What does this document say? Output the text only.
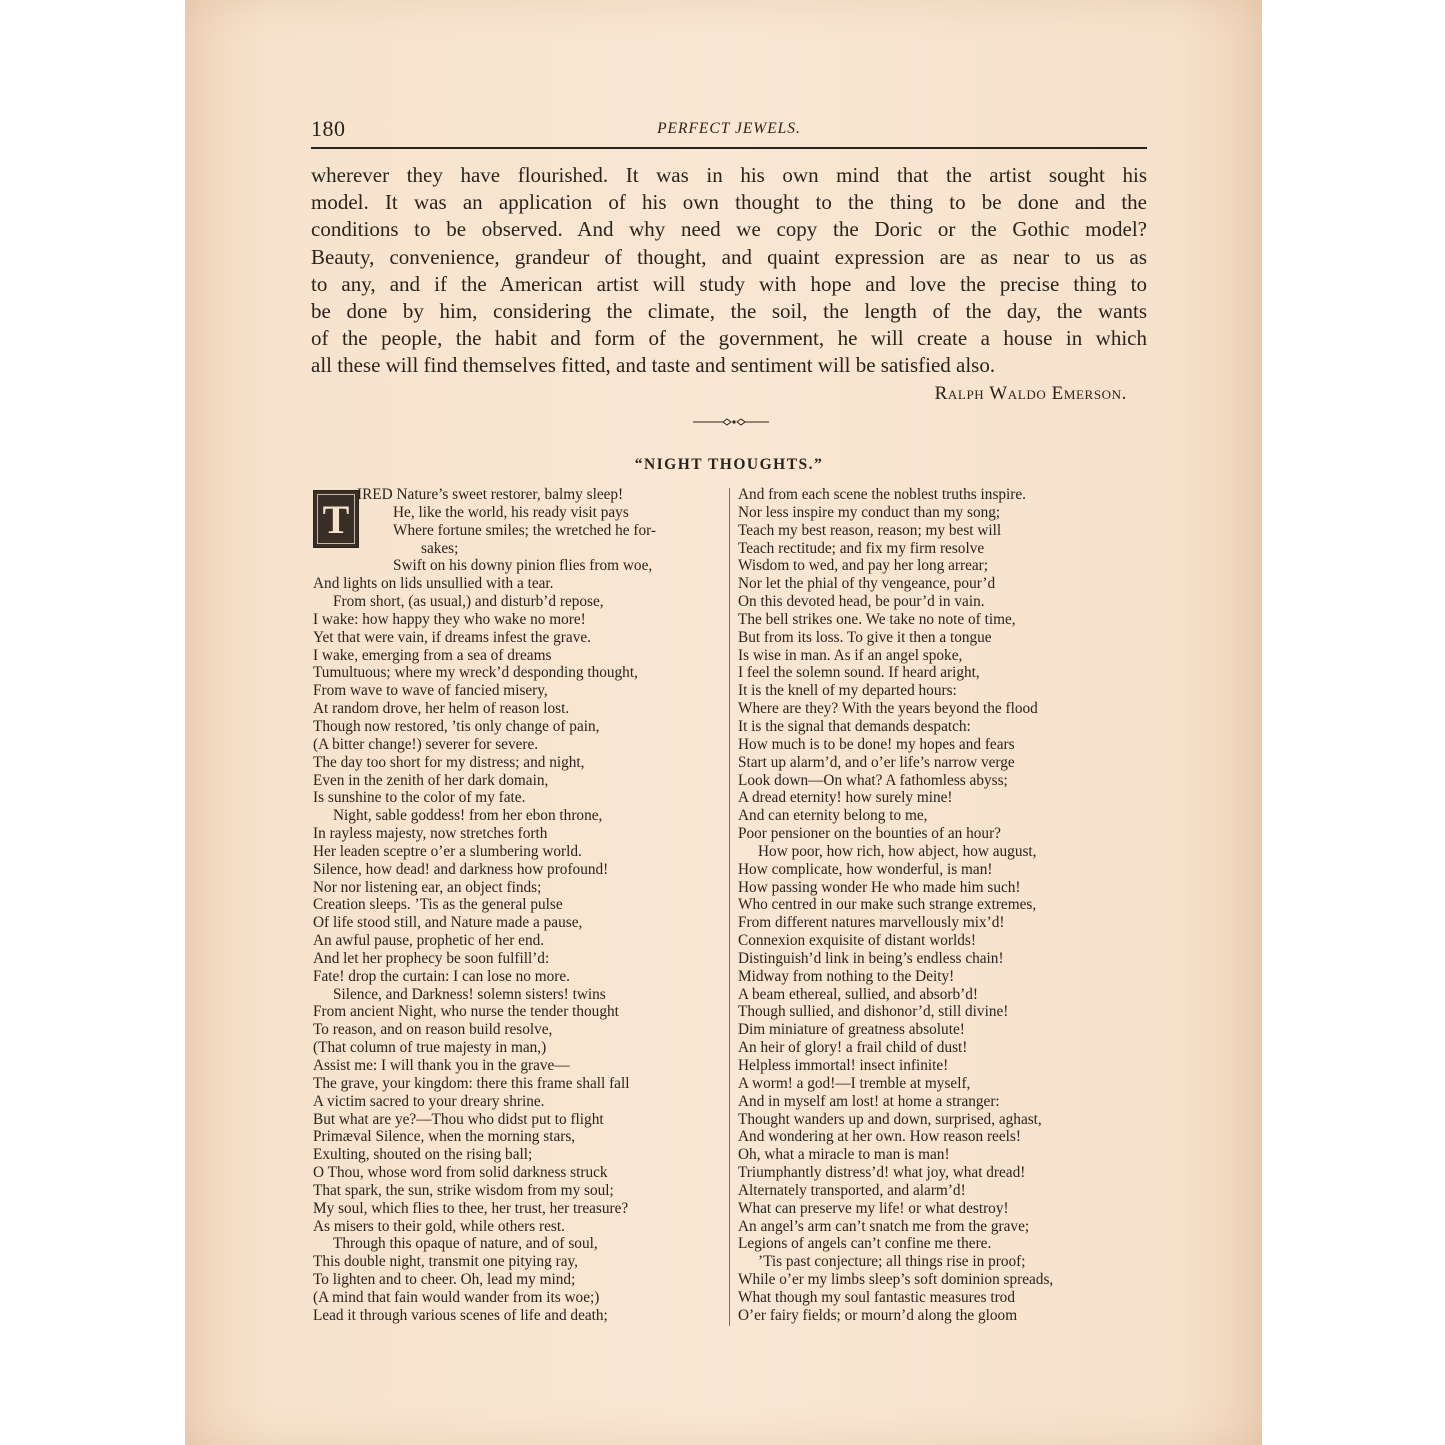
180	PERFECT JEWELS.
wherever they have flourished. It was in his own mind that the artist sought his
model. It was an application of his own thought to the thing to be done and the
conditions to be observed. And why need we copy the Doric or the Gothic model?
Beauty, convenience, grandeur of thought, and quaint expression are as near to us as
to any, and if the American artist will study with hope and love the precise thing to
be done by him, considering the climate, the soil, the length of the day, the wants
of the people, the habit and form of the government, he will create a house in which
all these will find themselves fitted, and taste and sentiment will be satisfied also.
Ralph Waldo Emerson.
“NIGHT THOUGHTS.”
T
IRED Nature’s sweet restorer, balmy sleep!
He, like the world, his ready visit pays
Where fortune smiles; the wretched he for-
sakes;
Swift on his downy pinion flies from woe,
And lights on lids unsullied with a tear.
From short, (as usual,) and disturb’d repose,
I wake: how happy they who wake no more!
Yet that were vain, if dreams infest the grave.
I wake, emerging from a sea of dreams
Tumultuous; where my wreck’d desponding thought,
From wave to wave of fancied misery,
At random drove, her helm of reason lost.
Though now restored, ’tis only change of pain,
(A bitter change!) severer for severe.
The day too short for my distress; and night,
Even in the zenith of her dark domain,
Is sunshine to the color of my fate.
Night, sable goddess! from her ebon throne,
In rayless majesty, now stretches forth
Her leaden sceptre o’er a slumbering world.
Silence, how dead! and darkness how profound!
Nor nor listening ear, an object finds;
Creation sleeps. ’Tis as the general pulse
Of life stood still, and Nature made a pause,
An awful pause, prophetic of her end.
And let her prophecy be soon fulfill’d:
Fate! drop the curtain: I can lose no more.
Silence, and Darkness! solemn sisters! twins
From ancient Night, who nurse the tender thought
To reason, and on reason build resolve,
(That column of true majesty in man,)
Assist me: I will thank you in the grave—
The grave, your kingdom: there this frame shall fall
A victim sacred to your dreary shrine.
But what are ye?—Thou who didst put to flight
Primæval Silence, when the morning stars,
Exulting, shouted on the rising ball;
O Thou, whose word from solid darkness struck
That spark, the sun, strike wisdom from my soul;
My soul, which flies to thee, her trust, her treasure?
As misers to their gold, while others rest.
Through this opaque of nature, and of soul,
This double night, transmit one pitying ray,
To lighten and to cheer. Oh, lead my mind;
(A mind that fain would wander from its woe;)
Lead it through various scenes of life and death;
And from each scene the noblest truths inspire.
Nor less inspire my conduct than my song;
Teach my best reason, reason; my best will
Teach rectitude; and fix my firm resolve
Wisdom to wed, and pay her long arrear;
Nor let the phial of thy vengeance, pour’d
On this devoted head, be pour’d in vain.
The bell strikes one. We take no note of time,
But from its loss. To give it then a tongue
Is wise in man. As if an angel spoke,
I feel the solemn sound. If heard aright,
It is the knell of my departed hours:
Where are they? With the years beyond the flood
It is the signal that demands despatch:
How much is to be done! my hopes and fears
Start up alarm’d, and o’er life’s narrow verge
Look down—On what? A fathomless abyss;
A dread eternity! how surely mine!
And can eternity belong to me,
Poor pensioner on the bounties of an hour?
How poor, how rich, how abject, how august,
How complicate, how wonderful, is man!
How passing wonder He who made him such!
Who centred in our make such strange extremes,
From different natures marvellously mix’d!
Connexion exquisite of distant worlds!
Distinguish’d link in being’s endless chain!
Midway from nothing to the Deity!
A beam ethereal, sullied, and absorb’d!
Though sullied, and dishonor’d, still divine!
Dim miniature of greatness absolute!
An heir of glory! a frail child of dust!
Helpless immortal! insect infinite!
A worm! a god!—I tremble at myself,
And in myself am lost! at home a stranger:
Thought wanders up and down, surprised, aghast,
And wondering at her own. How reason reels!
Oh, what a miracle to man is man!
Triumphantly distress’d! what joy, what dread!
Alternately transported, and alarm’d!
What can preserve my life! or what destroy!
An angel’s arm can’t snatch me from the grave;
Legions of angels can’t confine me there.
’Tis past conjecture; all things rise in proof;
While o’er my limbs sleep’s soft dominion spreads,
What though my soul fantastic measures trod
O’er fairy fields; or mourn’d along the gloom
